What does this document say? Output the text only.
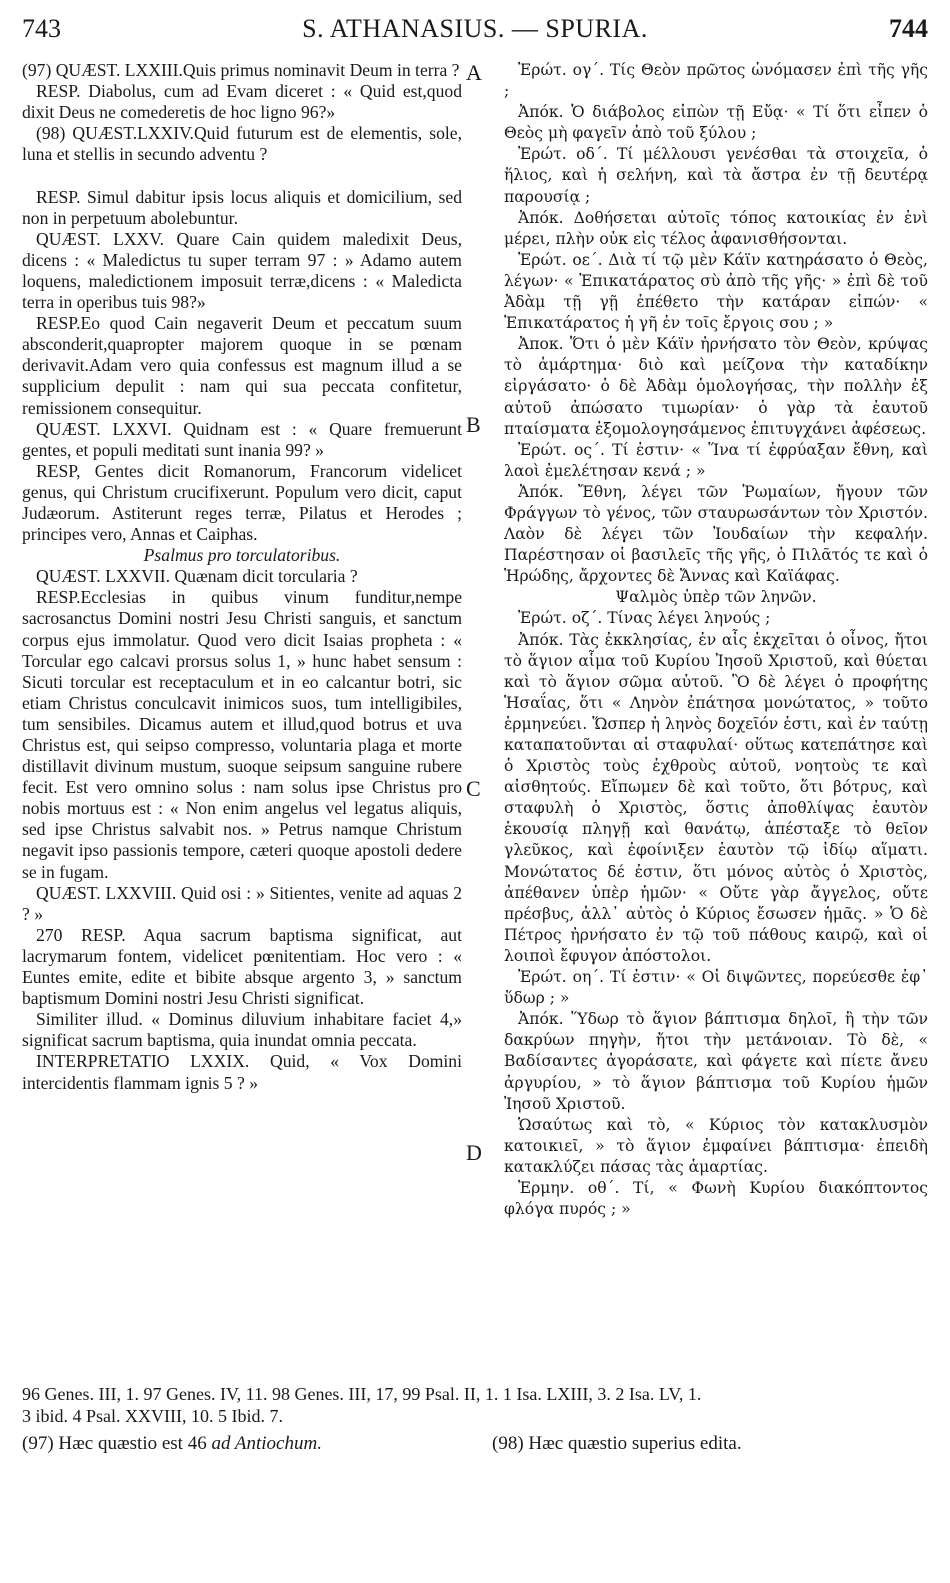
743	S. ATHANASIUS. — SPURIA.	744

(97) QUÆST. LXXIII.Quis primus nominavit Deum in terra ?

RESP. Diabolus, cum ad Evam diceret : « Quid est,quod dixit Deus ne comederetis de hoc ligno 96?»

(98) QUÆST.LXXIV.Quid futurum est de elementis, sole, luna et stellis in secundo adventu ?

RESP. Simul dabitur ipsis locus aliquis et domicilium, sed non in perpetuum abolebuntur.

QUÆST. LXXV. Quare Cain quidem maledixit Deus, dicens : « Maledictus tu super terram 97 : » Adamo autem loquens, maledictionem imposuit terræ,dicens : « Maledicta terra in operibus tuis 98?»

RESP.Eo quod Cain negaverit Deum et peccatum suum absconderit,quapropter majorem quoque in se pœnam derivavit.Adam vero quia confessus est magnum illud a se supplicium depulit : nam qui sua peccata confitetur, remissionem consequitur.

QUÆST. LXXVI. Quidnam est : « Quare fremuerunt gentes, et populi meditati sunt inania 99? »

RESP, Gentes dicit Romanorum, Francorum videlicet genus, qui Christum crucifixerunt. Populum vero dicit, caput Judæorum. Astiterunt reges terræ, Pilatus et Herodes ; principes vero, Annas et Caiphas.

Psalmus pro torculatoribus.

QUÆST. LXXVII. Quænam dicit torcularia ?

RESP.Ecclesias in quibus vinum funditur,nempe sacrosanctus Domini nostri Jesu Christi sanguis, et sanctum corpus ejus immolatur. Quod vero dicit Isaias propheta : « Torcular ego calcavi prorsus solus 1, » hunc habet sensum : Sicuti torcular est receptaculum et in eo calcantur botri, sic etiam Christus conculcavit inimicos suos, tum intelligibiles, tum sensibiles. Dicamus autem et illud,quod botrus et uva Christus est, qui seipso compresso, voluntaria plaga et morte distillavit divinum mustum, suoque seipsum sanguine rubere fecit. Est vero omnino solus : nam solus ipse Christus pro nobis mortuus est : « Non enim angelus vel legatus aliquis, sed ipse Christus salvabit nos. » Petrus namque Christum negavit ipso passionis tempore, cæteri quoque apostoli dedere se in fugam.

QUÆST. LXXVIII. Quid osi : » Sitientes, venite ad aquas 2 ? »

270 RESP. Aqua sacrum baptisma significat, aut lacrymarum fontem, videlicet pœnitentiam. Hoc vero : « Euntes emite, edite et bibite absque argento 3, » sanctum baptismum Domini nostri Jesu Christi significat.

Similiter illud. « Dominus diluvium inhabitare faciet 4,» significat sacrum baptisma, quia inundat omnia peccata.

INTERPRETATIO LXXIX. Quid, « Vox Domini intercidentis flammam ignis 5 ? »

A
B
C
D

Ἐρώτ. ογ΄. Τίς Θεὸν πρῶτος ὠνόμασεν ἐπὶ τῆς γῆς ;

Ἀπόκ. Ὁ διάβολος εἰπὼν τῇ Εὔᾳ· « Τί ὅτι εἶπεν ὁ Θεὸς μὴ φαγεῖν ἀπὸ τοῦ ξύλου ;

Ἐρώτ. οδ΄. Τί μέλλουσι γενέσθαι τὰ στοιχεῖα, ὁ ἥλιος, καὶ ἡ σελήνη, καὶ τὰ ἄστρα ἐν τῇ δευτέρᾳ παρουσίᾳ ;

Ἀπόκ. Δοθήσεται αὐτοῖς τόπος κατοικίας ἐν ἑνὶ μέρει, πλὴν οὐκ εἰς τέλος ἀφανισθήσονται.

Ἐρώτ. οε΄. Διὰ τί τῷ μὲν Κάϊν κατηράσατο ὁ Θεὸς, λέγων· « Ἐπικατάρατος σὺ ἀπὸ τῆς γῆς· » ἐπὶ δὲ τοῦ Ἀδὰμ τῇ γῇ ἐπέθετο τὴν κατάραν εἰπών· « Ἐπικατάρατος ἡ γῆ ἐν τοῖς ἔργοις σου ; »

Ἀποκ. Ὅτι ὁ μὲν Κάϊν ἠρνήσατο τὸν Θεὸν, κρύψας τὸ ἁμάρτημα· διὸ καὶ μείζονα τὴν καταδίκην εἰργάσατο· ὁ δὲ Ἀδὰμ ὁμολογήσας, τὴν πολλὴν ἐξ αὐτοῦ ἀπώσατο τιμωρίαν· ὁ γὰρ τὰ ἑαυτοῦ πταίσματα ἐξομολογησάμενος ἐπιτυγχάνει ἀφέσεως.

Ἐρώτ. ος΄. Τί ἐστιν· « Ἵνα τί ἐφρύαξαν ἔθνη, καὶ λαοὶ ἐμελέτησαν κενά ; »

Ἀπόκ. Ἔθνη, λέγει τῶν Ῥωμαίων, ἤγουν τῶν Φράγγων τὸ γένος, τῶν σταυρωσάντων τὸν Χριστόν. Λαὸν δὲ λέγει τῶν Ἰουδαίων τὴν κεφαλήν. Παρέστησαν οἱ βασιλεῖς τῆς γῆς, ὁ Πιλᾶτός τε καὶ ὁ Ἡρώδης, ἄρχοντες δὲ Ἄννας καὶ Καϊάφας.

Ψαλμὸς ὑπὲρ τῶν ληνῶν.

Ἐρώτ. οζ΄. Τίνας λέγει ληνούς ;

Ἀπόκ. Τὰς ἐκκλησίας, ἐν αἷς ἐκχεῖται ὁ οἶνος, ἤτοι τὸ ἅγιον αἷμα τοῦ Κυρίου Ἰησοῦ Χριστοῦ, καὶ θύεται καὶ τὸ ἅγιον σῶμα αὐτοῦ. Ὃ δὲ λέγει ὁ προφήτης Ἡσαΐας, ὅτι « Ληνὸν ἐπάτησα μονώτατος, » τοῦτο ἑρμηνεύει. Ὥσπερ ἡ ληνὸς δοχεῖόν ἐστι, καὶ ἐν ταύτῃ καταπατοῦνται αἱ σταφυλαί· οὕτως κατεπάτησε καὶ ὁ Χριστὸς τοὺς ἐχθροὺς αὐτοῦ, νοητοὺς τε καὶ αἰσθητούς. Εἴπωμεν δὲ καὶ τοῦτο, ὅτι βότρυς, καὶ σταφυλὴ ὁ Χριστὸς, ὅστις ἀποθλίψας ἑαυτὸν ἑκουσίᾳ πληγῇ καὶ θανάτῳ, ἀπέσταξε τὸ θεῖον γλεῦκος, καὶ ἐφοίνιξεν ἑαυτὸν τῷ ἰδίῳ αἵματι. Μονώτατος δέ ἐστιν, ὅτι μόνος αὐτὸς ὁ Χριστὸς, ἀπέθανεν ὑπὲρ ἡμῶν· « Οὔτε γὰρ ἄγγελος, οὔτε πρέσβυς, ἀλλ᾽ αὐτὸς ὁ Κύριος ἔσωσεν ἡμᾶς. » Ὁ δὲ Πέτρος ἠρνήσατο ἐν τῷ τοῦ πάθους καιρῷ, καὶ οἱ λοιποὶ ἔφυγον ἀπόστολοι.

Ἐρώτ. οη΄. Τί ἐστιν· « Οἱ διψῶντες, πορεύεσθε ἐφ᾽ ὕδωρ ; »

Ἀπόκ. Ὕδωρ τὸ ἅγιον βάπτισμα δηλοῖ, ἢ τὴν τῶν δακρύων πηγὴν, ἤτοι τὴν μετάνοιαν. Τὸ δὲ, « Βαδίσαντες ἀγοράσατε, καὶ φάγετε καὶ πίετε ἄνευ ἀργυρίου, » τὸ ἅγιον βάπτισμα τοῦ Κυρίου ἡμῶν Ἰησοῦ Χριστοῦ.

Ὡσαύτως καὶ τὸ, « Κύριος τὸν κατακλυσμὸν κατοικιεῖ, » τὸ ἅγιον ἐμφαίνει βάπτισμα· ἐπειδὴ κατακλύζει πάσας τὰς ἁμαρτίας.

Ἑρμην. οθ΄. Τί, « Φωνὴ Κυρίου διακόπτοντος φλόγα πυρός ; »

96 Genes. III, 1. 97 Genes. IV, 11. 98 Genes. III, 17, 99 Psal. II, 1. 1 Isa. LXIII, 3. 2 Isa. LV, 1.

3 ibid. 4 Psal. XXVIII, 10. 5 Ibid. 7.

(97) Hæc quæstio est 46 ad Antiochum.	(98) Hæc quæstio superius edita.
